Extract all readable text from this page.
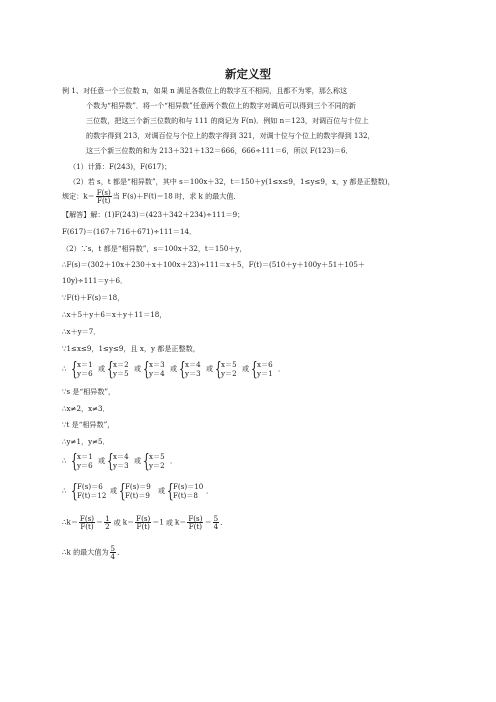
新定义型
例 1、对任意一个三位数 n，如果 n 满足各数位上的数字互不相同，且都不为零，那么称这
个数为“相异数”．将一个“相异数”任意两个数位上的数字对调后可以得到三个不同的新
三位数，把这三个新三位数的和与 111 的商记为 F(n)．例如 n＝123，对调百位与十位上
的数字得到 213，对调百位与个位上的数字得到 321，对调十位与个位上的数字得到 132，
这三个新三位数的和为 213＋321＋132＝666，666÷111＝6，所以 F(123)＝6．
（1）计算：F(243)，F(617)；
（2）若 s，t 都是“相异数”，其中 s＝100x＋32，t＝150＋y(1≤x≤9，1≤y≤9，x，y 都是正整数)，
规定：$k= \frac{F(s)}{F(t)}$ 当 F(s)＋F(t)＝18 时，求 k 的最大值．
【解答】解：(1)F(243)＝(423＋342＋234)÷111＝9；
F(617)＝(167＋716＋671)÷111＝14．
（2）∵s，t 都是“相异数”，s＝100x＋32，t＝150＋y，
∴F(s)＝(302＋10x＋230＋x＋100x＋23)÷111＝x＋5，F(t)＝(510＋y＋100y＋51＋105＋
10y)÷111＝y＋6．
∵F(t)＋F(s)＝18，
∴x＋5＋y＋6＝x＋y＋11＝18，
∴x＋y＝7．
∵1≤x≤9，1≤y≤9，且 x，y 都是正整数，
∴ { x＝1
y＝6
或 { x＝2
y＝5
或 { x＝3
y＝4
或 { x＝4
y＝3
或 { x＝5
y＝2
或 { x＝6
y＝1
．
∵s 是“相异数”，
∴x≠2，x≠3．
∵t 是“相异数”，
∴y≠1，y≠5．
∴ { x＝1
y＝6
或 { x＝4
y＝3
或 { x＝5
y＝2
．
∴ { F(s)＝6
F(t)＝12
或 { F(s)＝9
F(t)＝9
或 { F(s)＝10
F(t)＝8
．
∴k＝ $\frac{F(s)}{F(t)} = \frac{1}{2}$ 或 $k= \frac{F(s)}{F(t)} =1$ 或 $k= \frac{F(s)}{F(t)} = \frac{5}{4}$ ．
∴k 的最大值为 $\frac{5}{4}$ ．
